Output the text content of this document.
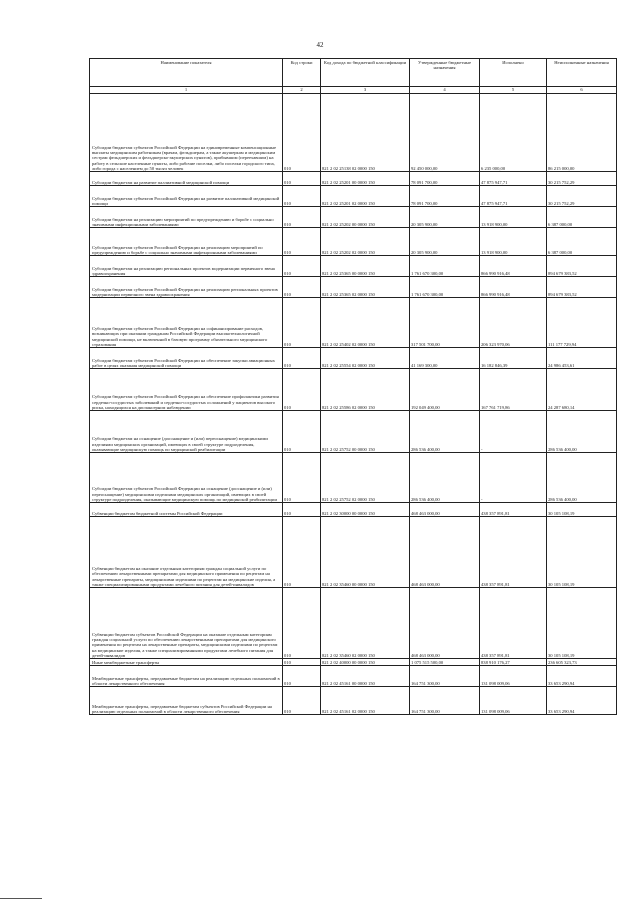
42
Наименование показателя	Код строки	Код дохода по бюджетной классификации	Утвержденные бюджетные назначения	Исполнено	Неисполненные назначения
1	2	3	4	5	6
Субсидии бюджетам субъектов Российской Федерации на единовременные компенсационные выплаты медицинским работникам (врачам, фельдшерам, а также акушеркам и медицинским сестрам фельдшерских и фельдшерско-акушерских пунктов), прибывшим (переехавшим) на работу в сельские населенные пункты, либо рабочие поселки, либо поселки городского типа, либо города с населением до 50 тысяч человек	010	821 2 02 25138 02 0000 150	92 450 000,00	6 235 000,00	86 215 000,00
Субсидии бюджетам на развитие паллиативной медицинской помощи	010	821 2 02 25201 00 0000 150	78 091 700,00	47 875 947,71	30 215 752,29
Субсидии бюджетам субъектов Российской Федерации на развитие паллиативной медицинской помощи	010	821 2 02 25201 02 0000 150	78 091 700,00	47 875 947,71	30 215 752,29
Субсидии бюджетам на реализацию мероприятий по предупреждению и борьбе с социально значимыми инфекционными заболеваниями	010	821 2 02 25202 00 0000 150	20 305 900,00	13 918 900,00	6 387 000,00
Субсидии бюджетам субъектов Российской Федерации на реализацию мероприятий по предупреждению и борьбе с социально значимыми инфекционными заболеваниями	010	821 2 02 25202 02 0000 150	20 305 900,00	13 918 900,00	6 387 000,00
Субсидии бюджетам на реализацию региональных проектов модернизации первичного звена здравоохранения	010	821 2 02 25365 00 0000 150	1 761 670 300,00	866 990 916,48	894 679 383,52
Субсидии бюджетам субъектов Российской Федерации на реализацию региональных проектов модернизации первичного звена здравоохранения	010	821 2 02 25365 02 0000 150	1 761 670 300,00	866 990 916,48	894 679 383,52
Субсидии бюджетам субъектов Российской Федерации на софинансирование расходов, возникающих при оказании гражданам Российской Федерации высокотехнологичной медицинской помощи, не включенной в базовую программу обязательного медицинского страхования	010	821 2 02 25402 02 0000 150	317 501 700,00	206 323 970,06	111 177 729,94
Субсидии бюджетам субъектов Российской Федерации на обеспечение закупки авиационных работ в целях оказания медицинской помощи	010	821 2 02 25554 02 0000 150	41 169 300,00	16 182 846,39	24 986 453,61
Субсидии бюджетам субъектов Российской Федерации на обеспечение профилактики развития сердечно-сосудистых заболеваний и сердечно-сосудистых осложнений у пациентов высокого риска, находящихся на диспансерном наблюдении	010	821 2 02 25586 02 0000 150	192 049 400,00	167 761 719,86	24 287 680,14
Субсидии бюджетам на оснащение (дооснащение и (или) переоснащение) медицинскими изделиями медицинских организаций, имеющих в своей структуре подразделения, оказывающие медицинскую помощь по медицинской реабилитации	010	821 2 02 25752 00 0000 150	286 536 400,00	-	286 536 400,00
Субсидии бюджетам субъектов Российской Федерации на оснащение (дооснащение и (или) переоснащение) медицинскими изделиями медицинских организаций, имеющих в своей структуре подразделения, оказывающие медицинскую помощь по медицинской реабилитации	010	821 2 02 25752 02 0000 150	286 536 400,00	-	286 536 400,00
Субвенции бюджетам бюджетной системы Российской Федерации	010	821 2 02 30000 00 0000 150	468 463 000,00	438 357 891,81	30 105 108,19
Субвенции бюджетам на оказание отдельным категориям граждан социальной услуги по обеспечению лекарственными препаратами для медицинского применения по рецептам на лекарственные препараты, медицинскими изделиями по рецептам на медицинские изделия, а также специализированными продуктами лечебного питания для детей-инвалидов	010	821 2 02 35460 00 0000 150	468 463 000,00	438 357 891,81	30 105 108,19
Субвенции бюджетам субъектов Российской Федерации на оказание отдельным категориям граждан социальной услуги по обеспечению лекарственными препаратами для медицинского применения по рецептам на лекарственные препараты, медицинскими изделиями по рецептам на медицинские изделия, а также специализированными продуктами лечебного питания для детей-инвалидов	010	821 2 02 35460 02 0000 150	468 463 000,00	438 357 891,81	30 105 108,19
Иные межбюджетные трансферты	010	821 2 02 40000 00 0000 150	1 075 515 500,00	838 910 176,27	236 605 323,73
Межбюджетные трансферты, передаваемые бюджетам на реализацию отдельных полномочий в области лекарственного обеспечения	010	821 2 02 45161 00 0000 150	164 751 300,00	131 098 009,06	33 653 290,94
Межбюджетные трансферты, передаваемые бюджетам субъектов Российской Федерации на реализацию отдельных полномочий в области лекарственного обеспечения	010	821 2 02 45161 02 0000 150	164 751 300,00	131 098 009,06	33 653 290,94
